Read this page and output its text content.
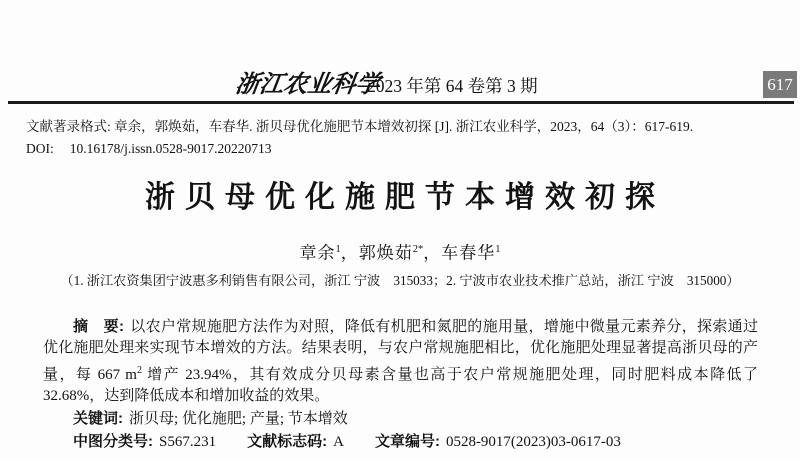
浙江农业科学
2023 年第 64 卷第 3 期	617

文献著录格式: 章余，郭焕茹，车春华. 浙贝母优化施肥节本增效初探 [J]. 浙江农业科学，2023，64（3）：617-619.

DOI: 10.16178/j.issn.0528-9017.20220713

浙贝母优化施肥节本增效初探
章余$^1$，郭焕茹$^{2*}$，车春华$^1$
（1. 浙江农资集团宁波惠多利销售有限公司，浙江 宁波　315033；2. 宁波市农业技术推广总站，浙江 宁波　315000）

摘　要: 以农户常规施肥方法作为对照，降低有机肥和氮肥的施用量，增施中微量元素养分，探索通过优化施肥处理来实现节本增效的方法。结果表明，与农户常规施肥相比，优化施肥处理显著提高浙贝母的产量，每 667 $m^2$ 增产 23.94%，其有效成分贝母素含量也高于农户常规施肥处理，同时肥料成本降低了 32.68%，达到降低成本和增加收益的效果。

关键词: 浙贝母; 优化施肥; 产量; 节本增效

中图分类号: S567.231 文献标志码: A 文章编号: 0528-9017(2023)03-0617-03
